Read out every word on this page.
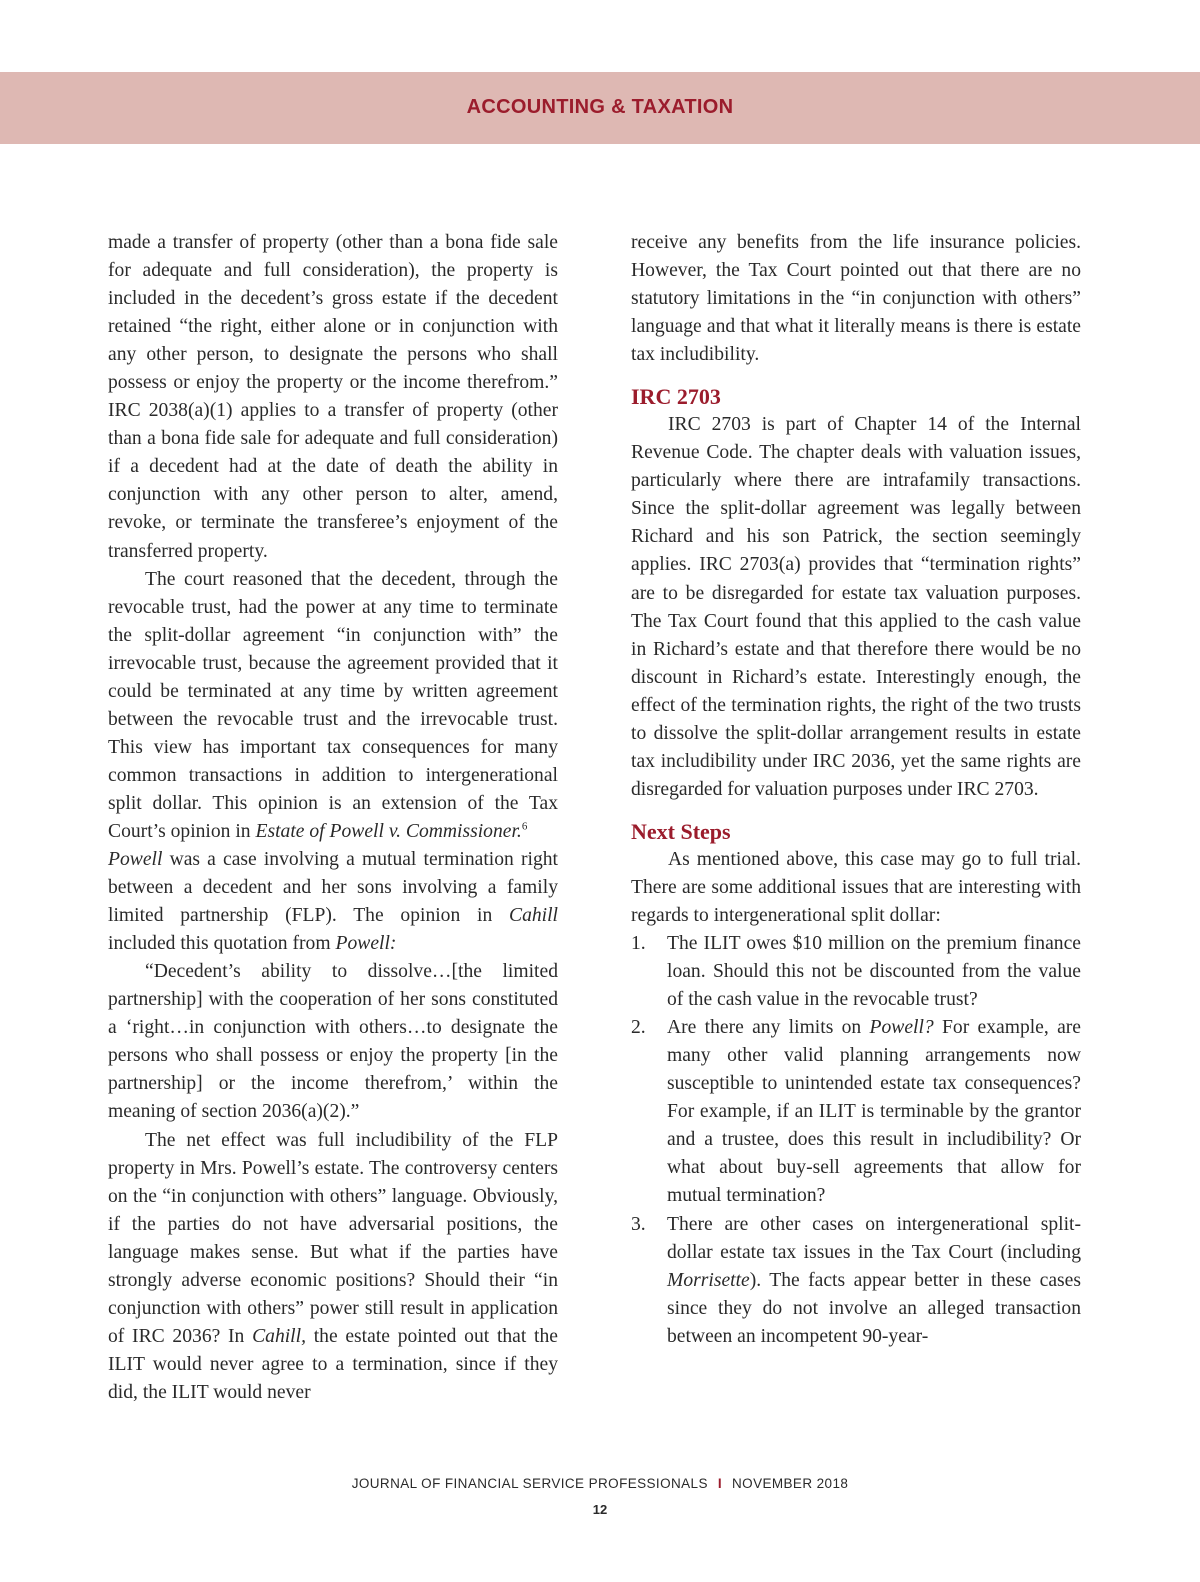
ACCOUNTING & TAXATION

made a transfer of property (other than a bona fide sale for adequate and full consideration), the property is included in the decedent’s gross estate if the decedent retained “the right, either alone or in conjunction with any other person, to designate the persons who shall possess or enjoy the property or the income therefrom.” IRC 2038(a)(1) applies to a transfer of property (other than a bona fide sale for adequate and full consideration) if a decedent had at the date of death the ability in conjunction with any other person to alter, amend, revoke, or terminate the transferee’s enjoyment of the transferred property.

The court reasoned that the decedent, through the revocable trust, had the power at any time to terminate the split-dollar agreement “in conjunction with” the irrevocable trust, because the agreement provided that it could be terminated at any time by written agreement between the revocable trust and the irrevocable trust. This view has important tax consequences for many common transactions in addition to intergenerational split dollar. This opinion is an extension of the Tax Court’s opinion in Estate of Powell v. Commissioner.$^6$
Powell was a case involving a mutual termination right between a decedent and her sons involving a family limited partnership (FLP). The opinion in Cahill included this quotation from Powell:

“Decedent’s ability to dissolve…[the limited partnership] with the cooperation of her sons constituted a ‘right…in conjunction with others…to designate the persons who shall possess or enjoy the property [in the partnership] or the income therefrom,’ within the meaning of section 2036(a)(2).”

The net effect was full includibility of the FLP property in Mrs. Powell’s estate. The controversy centers on the “in conjunction with others” language. Obviously, if the parties do not have adversarial positions, the language makes sense. But what if the parties have strongly adverse economic positions? Should their “in conjunction with others” power still result in application of IRC 2036? In Cahill, the estate pointed out that the ILIT would never agree to a termination, since if they did, the ILIT would never

receive any benefits from the life insurance policies. However, the Tax Court pointed out that there are no statutory limitations in the “in conjunction with others” language and that what it literally means is there is estate tax includibility.

IRC 2703

IRC 2703 is part of Chapter 14 of the Internal Revenue Code. The chapter deals with valuation issues, particularly where there are intrafamily transactions. Since the split-dollar agreement was legally between Richard and his son Patrick, the section seemingly applies. IRC 2703(a) provides that “termination rights” are to be disregarded for estate tax valuation purposes. The Tax Court found that this applied to the cash value in Richard’s estate and that therefore there would be no discount in Richard’s estate. Interestingly enough, the effect of the termination rights, the right of the two trusts to dissolve the split-dollar arrangement results in estate tax includibility under IRC 2036, yet the same rights are disregarded for valuation purposes under IRC 2703.

Next Steps

As mentioned above, this case may go to full trial. There are some additional issues that are interesting with regards to intergenerational split dollar:

1. The ILIT owes $10 million on the premium finance loan. Should this not be discounted from the value of the cash value in the revocable trust?
2. Are there any limits on Powell? For example, are many other valid planning arrangements now susceptible to unintended estate tax consequences? For example, if an ILIT is terminable by the grantor and a trustee, does this result in includibility? Or what about buy-sell agreements that allow for mutual termination?
3. There are other cases on intergenerational split-dollar estate tax issues in the Tax Court (including Morrisette). The facts appear better in these cases since they do not involve an alleged transaction between an incompetent 90-year-
JOURNAL OF FINANCIAL SERVICE PROFESSIONALS I NOVEMBER 2018
12
